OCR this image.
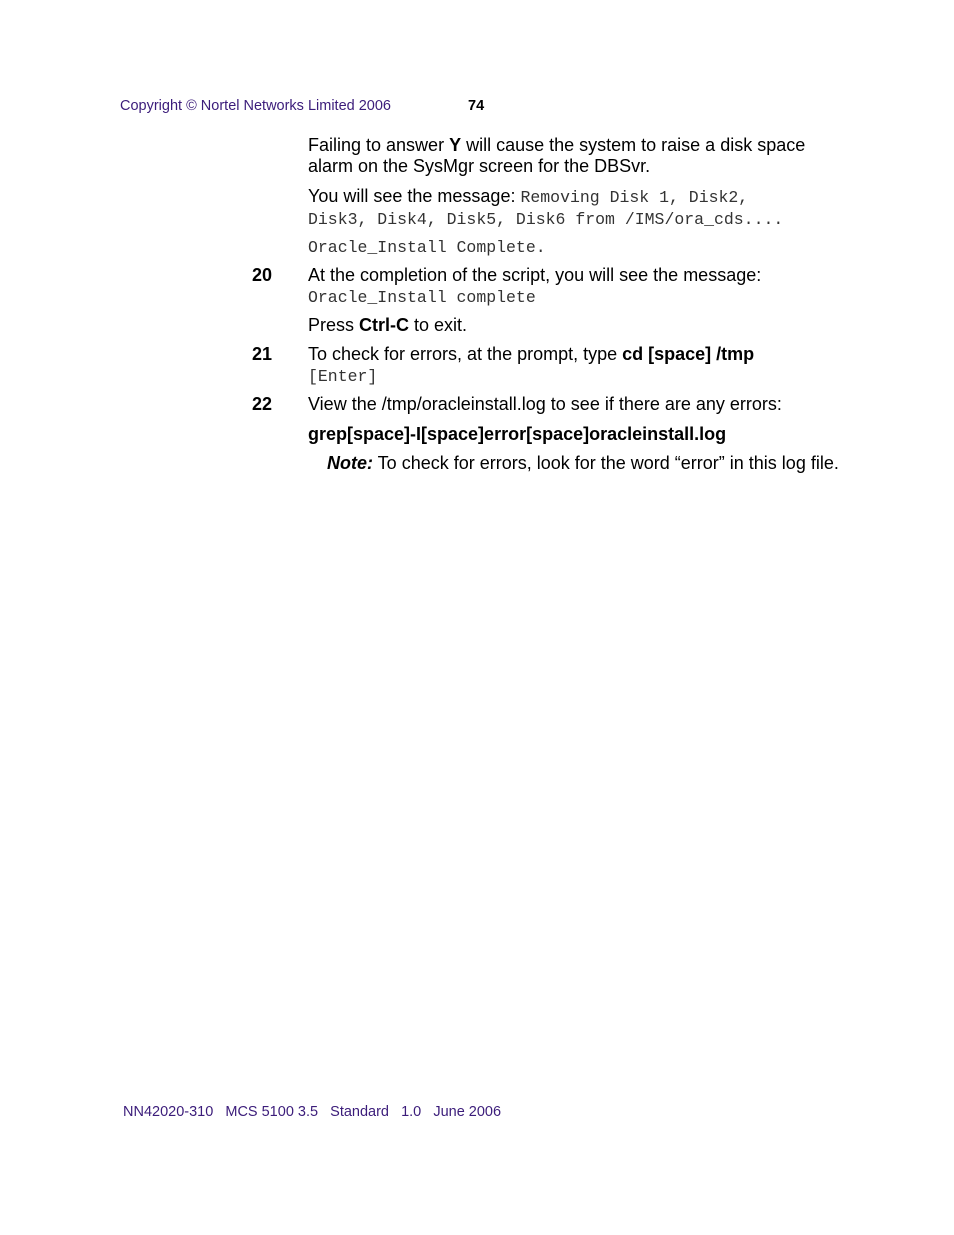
Copyright © Nortel Networks Limited 2006	74
Failing to answer Y will cause the system to raise a disk space alarm on the SysMgr screen for the DBSvr.
You will see the message: Removing Disk 1, Disk2,
Disk3, Disk4, Disk5, Disk6 from /IMS/ora_cds....
Oracle_Install Complete.
20 At the completion of the script, you will see the message:
Oracle_Install complete
Press Ctrl-C to exit.
21 To check for errors, at the prompt, type cd [space] /tmp
[Enter]
22 View the /tmp/oracleinstall.log to see if there are any errors:
grep[space]-I[space]error[space]oracleinstall.log
Note: To check for errors, look for the word “error” in this log file.
NN42020-310   MCS 5100 3.5   Standard   1.0   June 2006
